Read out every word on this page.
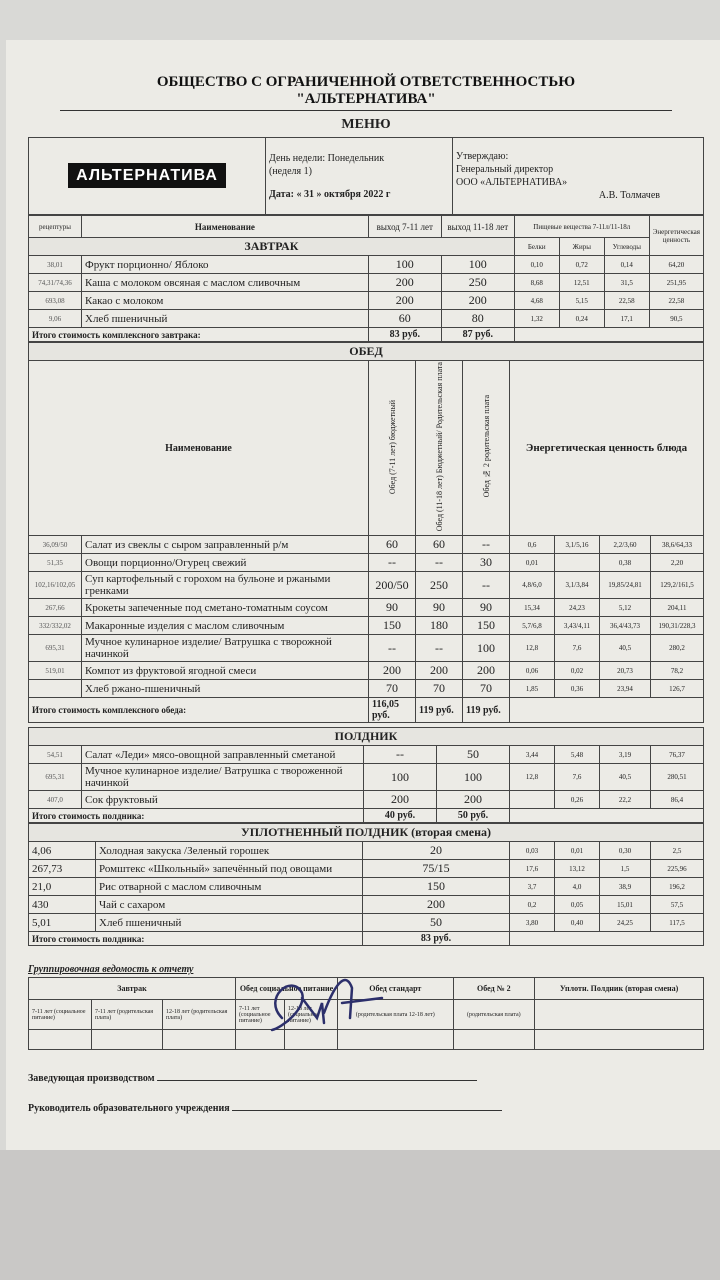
ОБЩЕСТВО С ОГРАНИЧЕННОЙ ОТВЕТСТВЕННОСТЬЮ
"АЛЬТЕРНАТИВА"
МЕНЮ
АЛЬТЕРНАТИВА

День недели: Понедельник
(неделя 1)
Дата: « 31 » октября 2022 г

Утверждаю:
Генеральный директор
ООО «АЛЬТЕРНАТИВА»
А.В. Толмачев
рецептуры	Наименование	выход 7-11 лет	выход 11-18 лет	Пищевые вещества 7-11л/11-18л			Энергетическая ценность
ЗАВТРАК				Белки	Жиры	Углеводы	
38,01	Фрукт порционно/ Яблоко	100	100	0,10	0,72	0,14	64,20
74,31/74,36	Каша с молоком овсяная с маслом сливочным	200	250	8,68	12,51	31,5	251,95
693,08	Какао с молоком	200	200	4,68	5,15	22,58	22,58
9,06	Хлеб пшеничный	60	80	1,32	0,24	17,1	90,5
Итого стоимость комплексного завтрака:		83 руб.	87 руб.				
ОБЕД								
Наименование		Обед (7-11 лет) бюджетный	Обед (11-18 лет) Бюджетный/ Родительская плата	Обед № 2 родительская плата	Энергетическая ценность блюда			
36,09/50	Салат из свеклы с сыром заправленный р/м	60	60	--	0,6	3,1/5,16	2,2/3,60	38,6/64,33
51,35	Овощи порционно/Огурец свежий	--	--	30	0,01		0,38	2,20
102,16/102,05	Суп картофельный с горохом на бульоне и ржаными гренками	200/50	250	--	4,8/6,0	3,1/3,84	19,85/24,81	129,2/161,5
267,66	Крокеты запеченные под сметано-томатным соусом	90	90	90	15,34	24,23	5,12	204,11
332/332,02	Макаронные изделия с маслом сливочным	150	180	150	5,7/6,8	3,43/4,11	36,4/43,73	190,31/228,3
695,31	Мучное кулинарное изделие/ Ватрушка с творожной начинкой	--	--	100	12,8	7,6	40,5	280,2
519,01	Компот из фруктовой ягодной смеси	200	200	200	0,06	0,02	20,73	78,2
	Хлеб ржано-пшеничный	70	70	70	1,85	0,36	23,94	126,7
Итого стоимость комплексного обеда:		116,05 руб.	119 руб.	119 руб.				
ПОЛДНИК							
54,51	Салат «Леди» мясо-овощной заправленный сметаной	--	50	3,44	5,48	3,19	76,37
695,31	Мучное кулинарное изделие/ Ватрушка с твороженной начинкой	100	100	12,8	7,6	40,5	280,51
407,0	Сок фруктовый	200	200		0,26	22,2	86,4
Итого стоимость полдника:		40 руб.	50 руб.				
УПЛОТНЕННЫЙ ПОЛДНИК (вторая смена)						
4,06	Холодная закуска /Зеленый горошек	20	0,03	0,01	0,30	2,5
267,73	Ромштекс «Школьный» запечённый под овощами	75/15	17,6	13,12	1,5	225,96
21,0	Рис отварной с маслом сливочным	150	3,7	4,0	38,9	196,2
430	Чай с сахаром	200	0,2	0,05	15,01	57,5
5,01	Хлеб пшеничный	50	3,80	0,40	24,25	117,5
Итого стоимость полдника:		83 руб.				
Группировочная ведомость к отчету
Завтрак			Обед социальное питание		Обед стандарт	Обед № 2	Уплотн. Полдник (вторая смена)
7-11 лет (социальное питание)	7-11 лет (родительская плата)	12-18 лет (родительская плата)	7-11 лет (социальное питание)	12-18 лет (социальное питание)	(родительская плата 12-18 лет)	(родительская плата)	

Заведующая производством
Руководитель образовательного учреждения
